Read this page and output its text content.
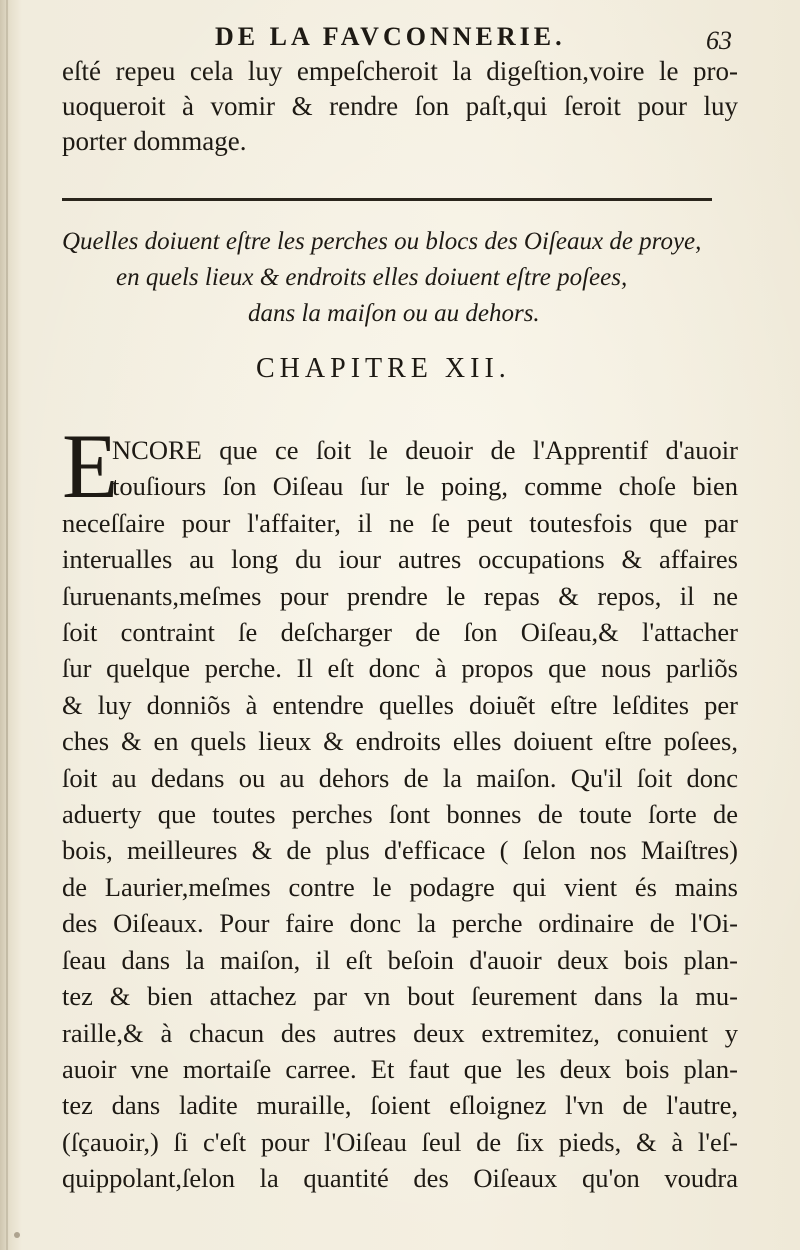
DE LA FAVCONNERIE.	63
eſté repeu cela luy empeſcheroit la digeſtion,voire le pro-
uoqueroit à vomir & rendre ſon paſt,qui ſeroit pour luy
porter dommage.
Quelles doiuent eſtre les perches ou blocs des Oiſeaux de proye,
en quels lieux & endroits elles doiuent eſtre poſees,
dans la maiſon ou au dehors.
CHAPITRE XII.
E
NCORE que ce ſoit le deuoir de l'Apprentif d'auoir
touſiours ſon Oiſeau ſur le poing, comme choſe bien
neceſſaire pour l'affaiter, il ne ſe peut toutesfois que par
interualles au long du iour autres occupations & affaires
ſuruenants,meſmes pour prendre le repas & repos, il ne
ſoit contraint ſe deſcharger de ſon Oiſeau,& l'attacher
ſur quelque perche. Il eſt donc à propos que nous parliõs
& luy donniõs à entendre quelles doiuẽt eſtre leſdites per
ches & en quels lieux & endroits elles doiuent eſtre poſees,
ſoit au dedans ou au dehors de la maiſon. Qu'il ſoit donc
aduerty que toutes perches ſont bonnes de toute ſorte de
bois, meilleures & de plus d'efficace ( ſelon nos Maiſtres)
de Laurier,meſmes contre le podagre qui vient és mains
des Oiſeaux. Pour faire donc la perche ordinaire de l'Oi-
ſeau dans la maiſon, il eſt beſoin d'auoir deux bois plan-
tez & bien attachez par vn bout ſeurement dans la mu-
raille,& à chacun des autres deux extremitez, conuient y
auoir vne mortaiſe carree. Et faut que les deux bois plan-
tez dans ladite muraille, ſoient eſloignez l'vn de l'autre,
(ſçauoir,) ſi c'eſt pour l'Oiſeau ſeul de ſix pieds, & à l'eſ-
quippolant,ſelon la quantité des Oiſeaux qu'on voudra
